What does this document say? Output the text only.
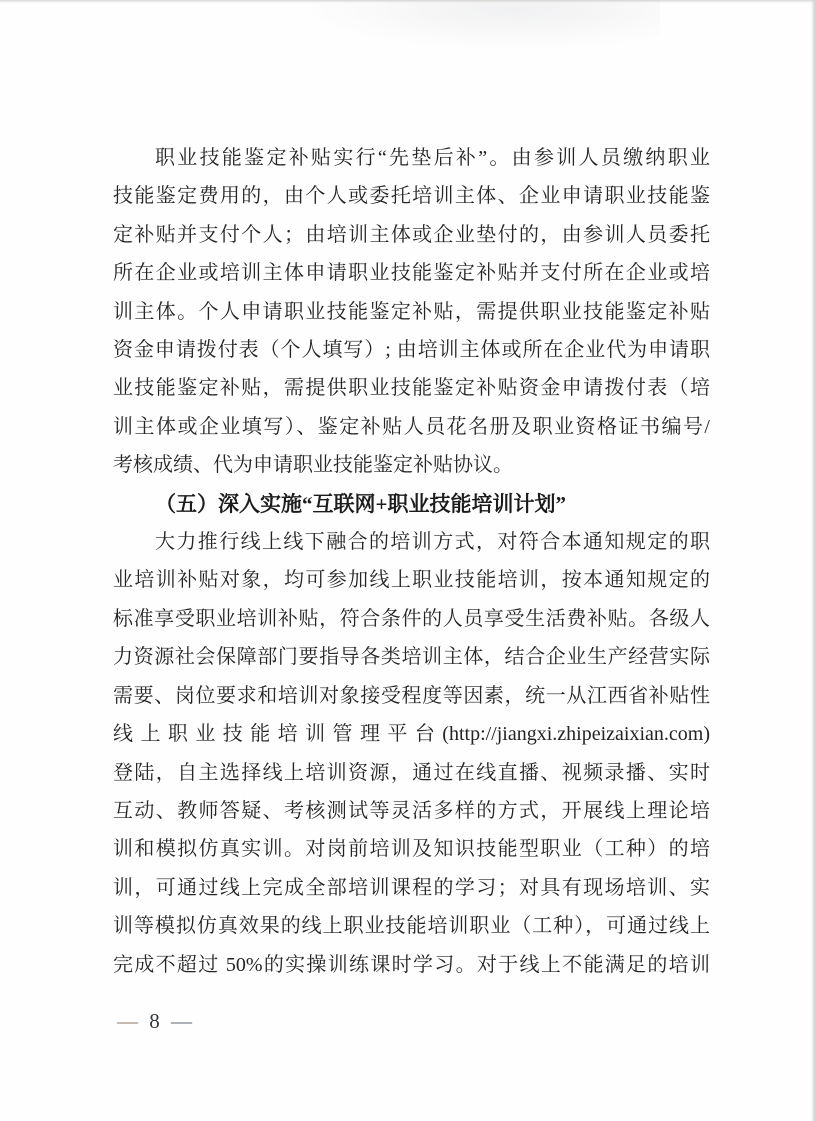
职业技能鉴定补贴实行“先垫后补”。由参训人员缴纳职业
技能鉴定费用的，由个人或委托培训主体、企业申请职业技能鉴
定补贴并支付个人；由培训主体或企业垫付的，由参训人员委托
所在企业或培训主体申请职业技能鉴定补贴并支付所在企业或培
训主体。个人申请职业技能鉴定补贴，需提供职业技能鉴定补贴
资金申请拨付表（个人填写）; 由培训主体或所在企业代为申请职
业技能鉴定补贴，需提供职业技能鉴定补贴资金申请拨付表（培
训主体或企业填写）、鉴定补贴人员花名册及职业资格证书编号/
考核成绩、代为申请职业技能鉴定补贴协议。
（五）深入实施“互联网+职业技能培训计划”
大力推行线上线下融合的培训方式，对符合本通知规定的职
业培训补贴对象，均可参加线上职业技能培训，按本通知规定的
标准享受职业培训补贴，符合条件的人员享受生活费补贴。各级人
力资源社会保障部门要指导各类培训主体，结合企业生产经营实际
需要、岗位要求和培训对象接受程度等因素，统一从江西省补贴性
线上职业技能培训管理平台(http://jiangxi.zhipeizaixian.com)
登陆，自主选择线上培训资源，通过在线直播、视频录播、实时
互动、教师答疑、考核测试等灵活多样的方式，开展线上理论培
训和模拟仿真实训。对岗前培训及知识技能型职业（工种）的培
训，可通过线上完成全部培训课程的学习；对具有现场培训、实
训等模拟仿真效果的线上职业技能培训职业（工种），可通过线上
完成不超过 50%的实操训练课时学习。对于线上不能满足的培训
— 8 —
